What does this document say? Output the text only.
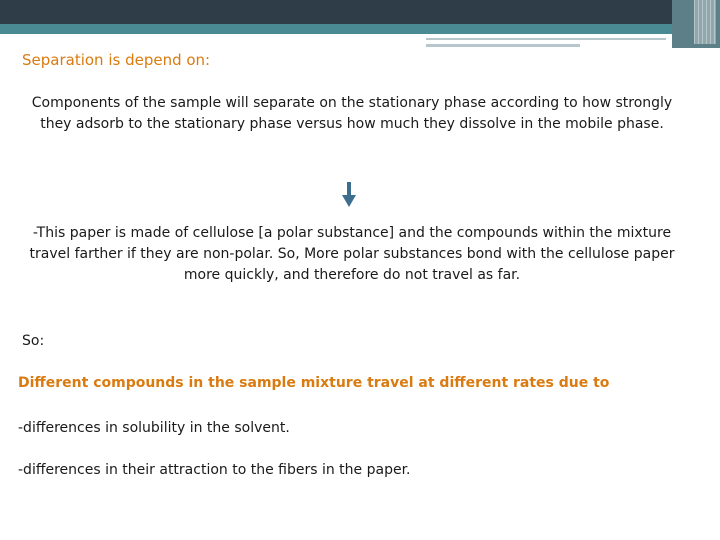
Separation is depend on:
Components of the sample will separate on the stationary phase according to how strongly they adsorb to the stationary phase versus how much they dissolve in the mobile phase.
-This paper is made of cellulose [a polar substance] and the compounds within the mixture travel farther if they are non-polar. So, More polar substances bond with the cellulose paper more quickly, and therefore do not travel as far.
So:
Different compounds in the sample mixture travel at different rates due to
-differences in solubility in the solvent.
-differences in their attraction to the fibers in the paper.
